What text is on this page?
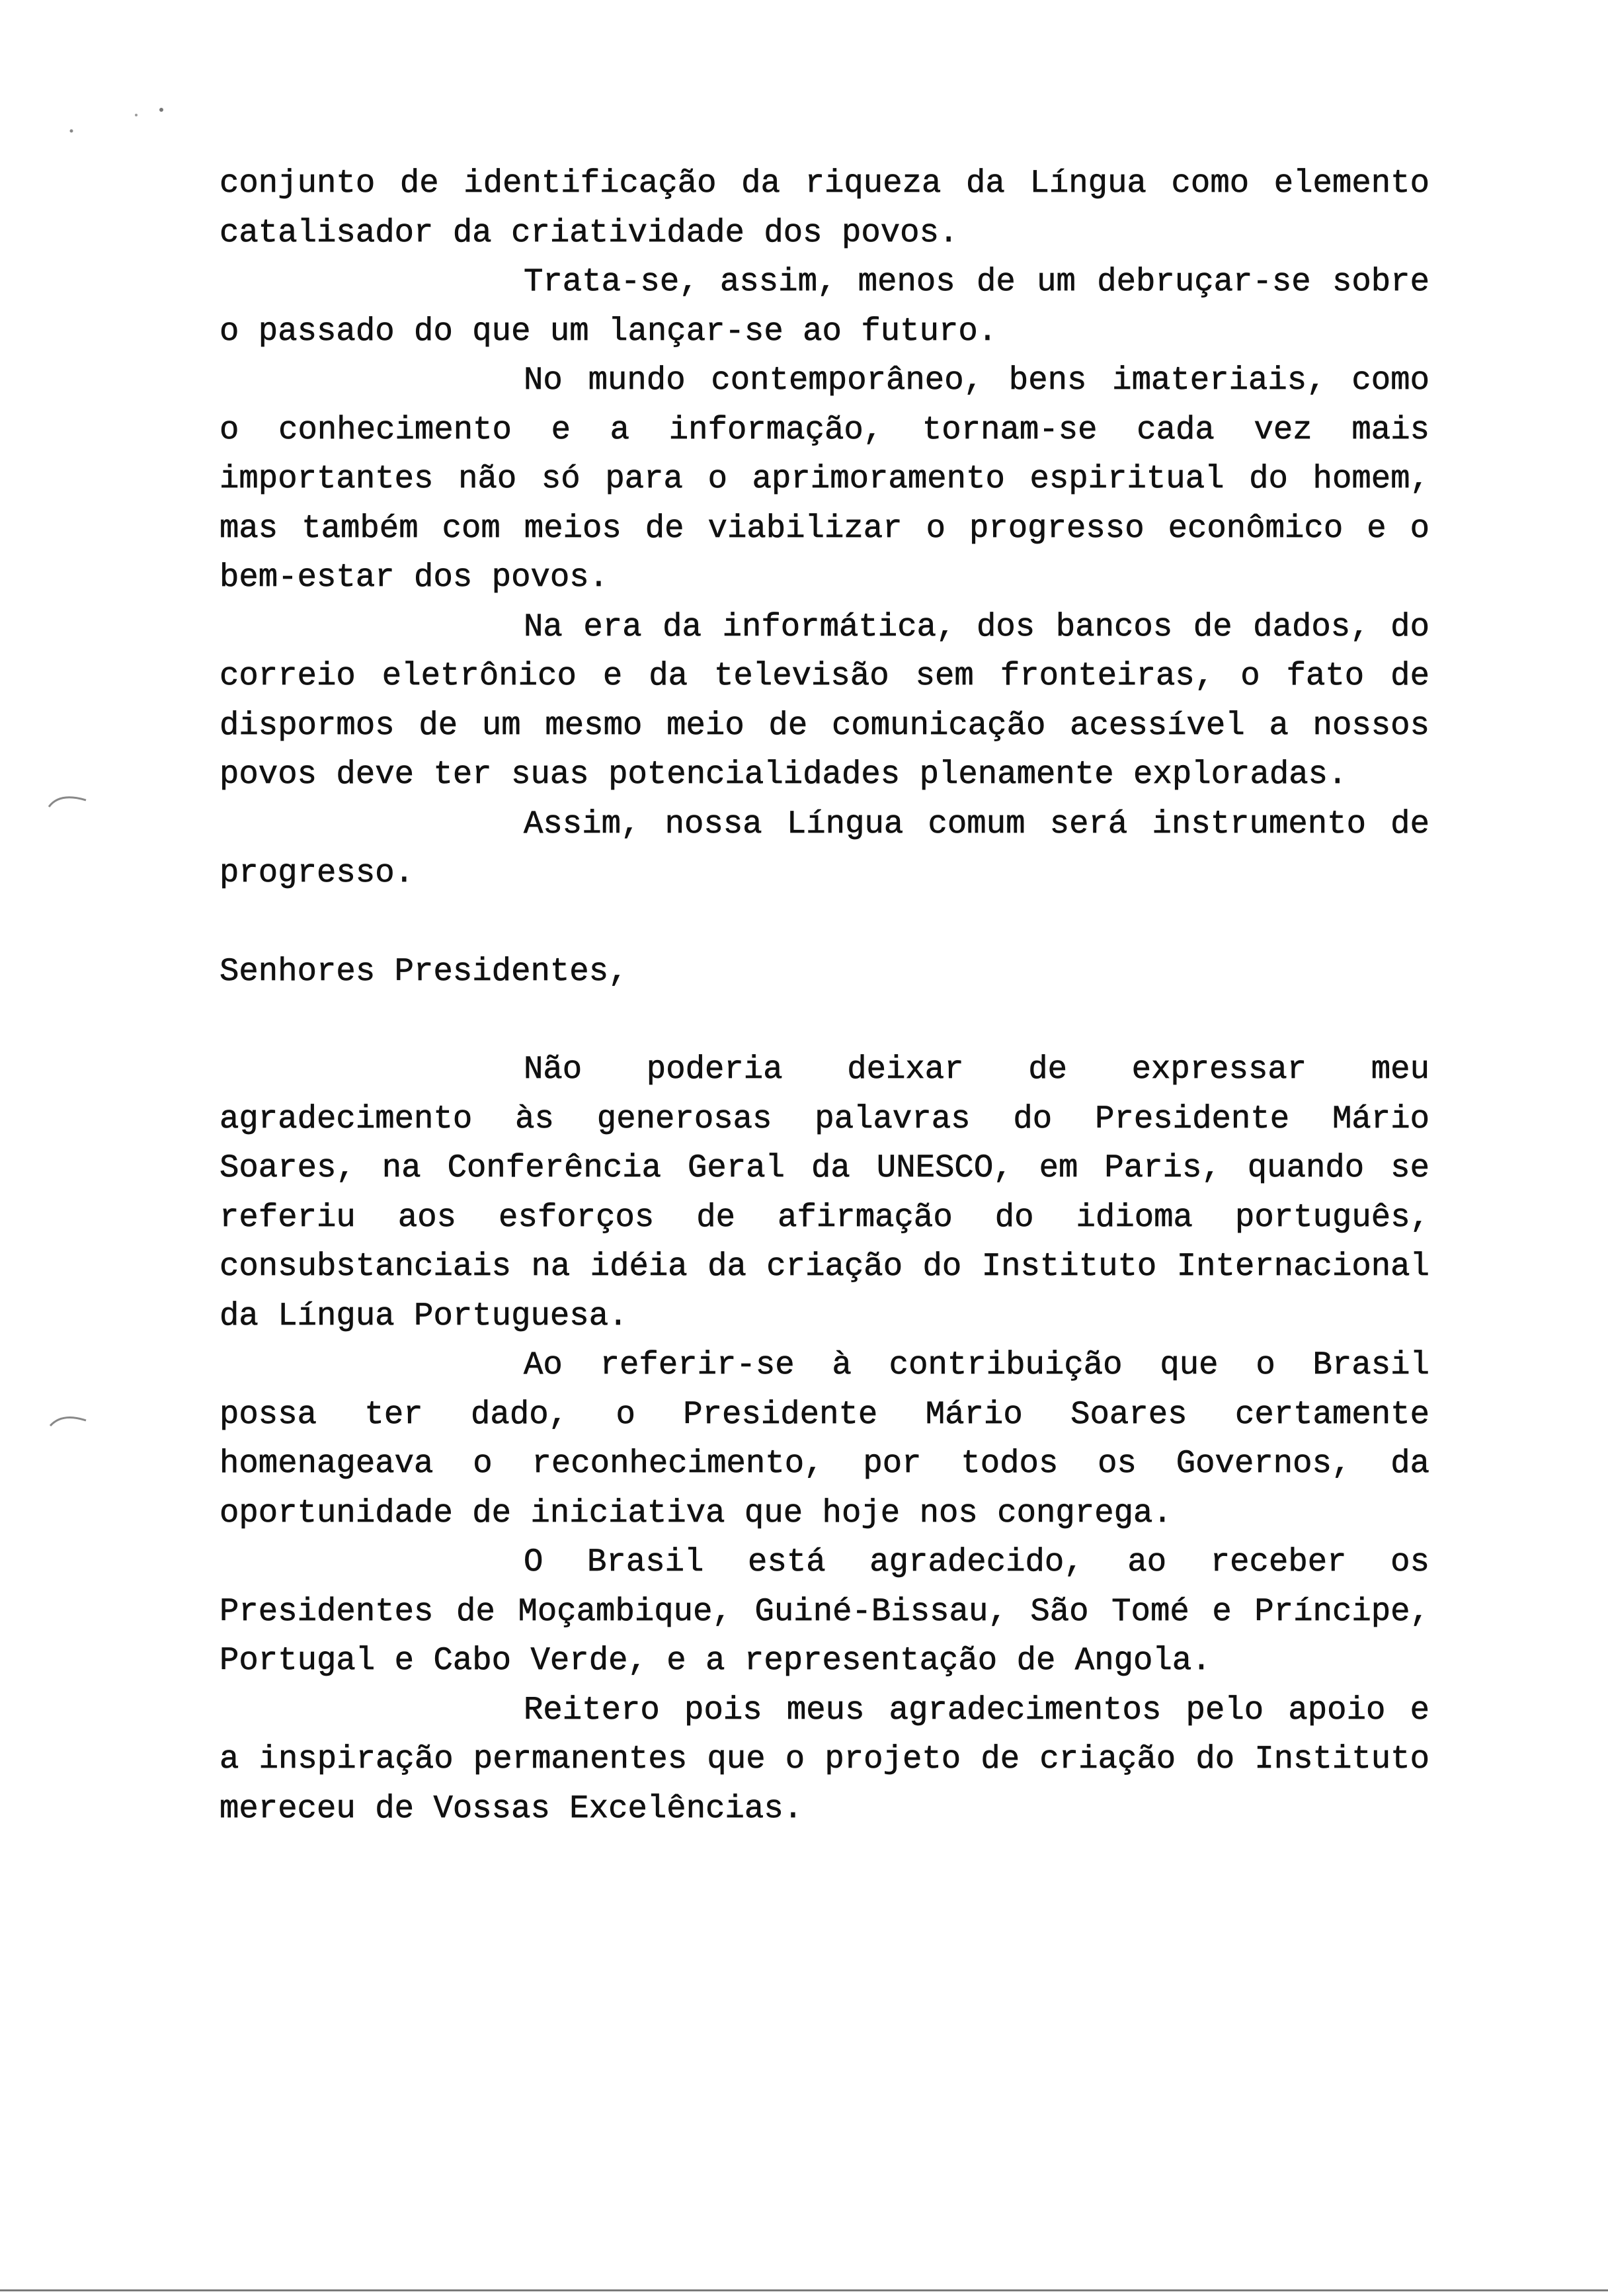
conjunto de identificação da riqueza da Língua como elemento catalisador da criatividade dos povos.

Trata-se, assim, menos de um debruçar-se sobre o passado do que um lançar-se ao futuro.

No mundo contemporâneo, bens imateriais, como o conhecimento e a informação, tornam-se cada vez mais importantes não só para o aprimoramento espiritual do homem, mas também com meios de viabilizar o progresso econômico e o bem-estar dos povos.

Na era da informática, dos bancos de dados, do correio eletrônico e da televisão sem fronteiras, o fato de dispormos de um mesmo meio de comunicação acessível a nossos povos deve ter suas potencialidades plenamente exploradas.

Assim, nossa Língua comum será instrumento de progresso.

Senhores Presidentes,

Não poderia deixar de expressar meu agradecimento às generosas palavras do Presidente Mário Soares, na Conferência Geral da UNESCO, em Paris, quando se referiu aos esforços de afirmação do idioma português, consubstanciais na idéia da criação do Instituto Internacional da Língua Portuguesa.

Ao referir-se à contribuição que o Brasil possa ter dado, o Presidente Mário Soares certamente homenageava o reconhecimento, por todos os Governos, da oportunidade de iniciativa que hoje nos congrega.

O Brasil está agradecido, ao receber os Presidentes de Moçambique, Guiné-Bissau, São Tomé e Príncipe, Portugal e Cabo Verde, e a representação de Angola.

Reitero pois meus agradecimentos pelo apoio e a inspiração permanentes que o projeto de criação do Instituto mereceu de Vossas Excelências.
